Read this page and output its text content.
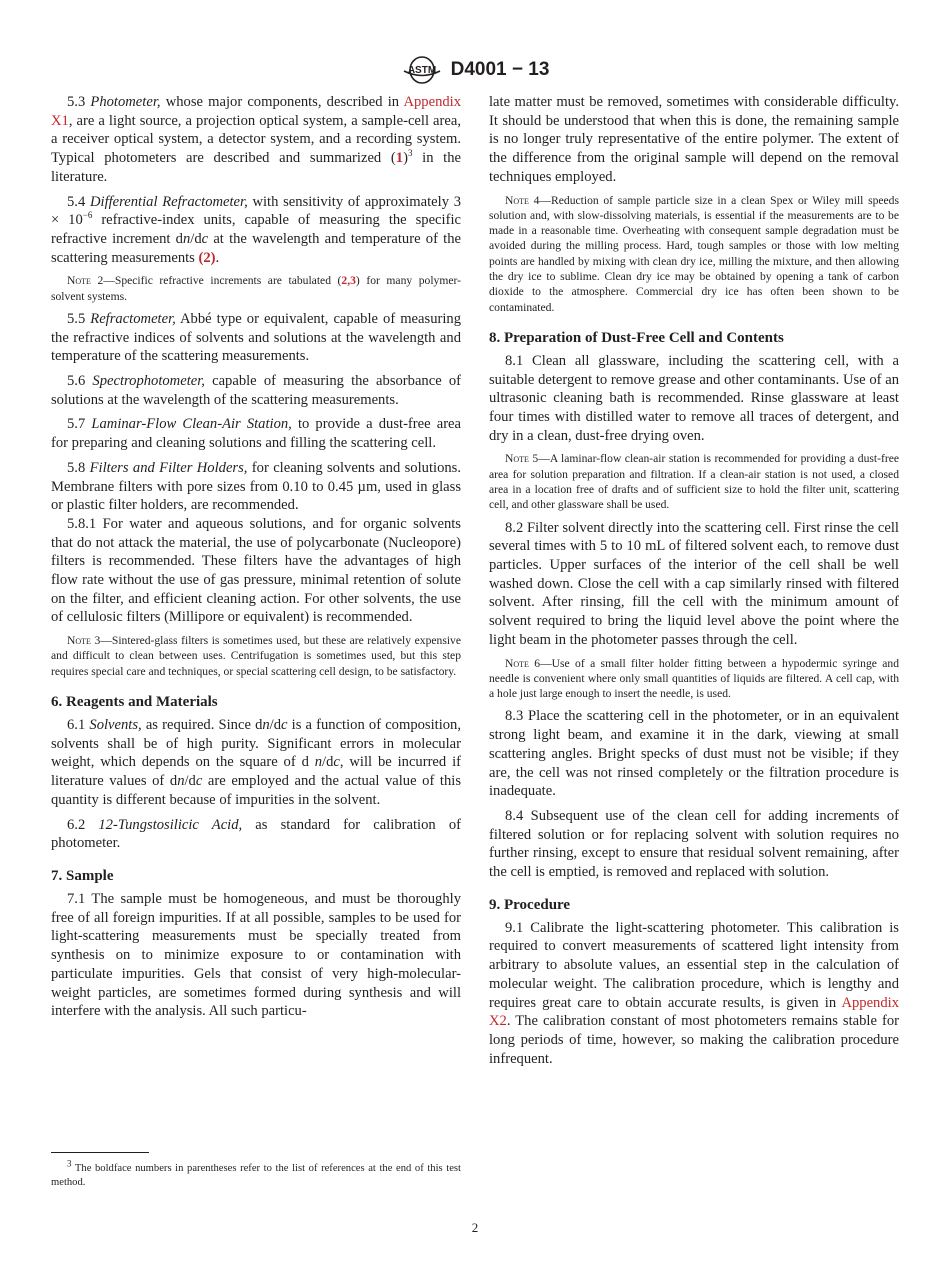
ASTM D4001 − 13

5.3 Photometer, whose major components, described in Appendix X1, are a light source, a projection optical system, a sample-cell area, a receiver optical system, a detector system, and a recording system. Typical photometers are described and summarized $(1)^3$ in the literature.

5.4 Differential Refractometer, with sensitivity of approximately $3 \times 10^{-6}$ refractive-index units, capable of measuring the specific refractive increment dn/dc at the wavelength and temperature of the scattering measurements (2).

Note 2—Specific refractive increments are tabulated (2,3) for many polymer-solvent systems.

5.5 Refractometer, Abbé type or equivalent, capable of measuring the refractive indices of solvents and solutions at the wavelength and temperature of the scattering measurements.

5.6 Spectrophotometer, capable of measuring the absorbance of solutions at the wavelength of the scattering measurements.

5.7 Laminar-Flow Clean-Air Station, to provide a dust-free area for preparing and cleaning solutions and filling the scattering cell.

5.8 Filters and Filter Holders, for cleaning solvents and solutions. Membrane filters with pore sizes from 0.10 to 0.45 µm, used in glass or plastic filter holders, are recommended.

5.8.1 For water and aqueous solutions, and for organic solvents that do not attack the material, the use of polycarbonate (Nucleopore) filters is recommended. These filters have the advantages of high flow rate without the use of gas pressure, minimal retention of solute on the filter, and efficient cleaning action. For other solvents, the use of cellulosic filters (Millipore or equivalent) is recommended.

Note 3—Sintered-glass filters is sometimes used, but these are relatively expensive and difficult to clean between uses. Centrifugation is sometimes used, but this step requires special care and techniques, or special scattering cell design, to be satisfactory.

6. Reagents and Materials

6.1 Solvents, as required. Since dn/dc is a function of composition, solvents shall be of high purity. Significant errors in molecular weight, which depends on the square of d n/dc, will be incurred if literature values of dn/dc are employed and the actual value of this quantity is different because of impurities in the solvent.

6.2 12-Tungstosilicic Acid, as standard for calibration of photometer.

7. Sample

7.1 The sample must be homogeneous, and must be thoroughly free of all foreign impurities. If at all possible, samples to be used for light-scattering measurements must be specially treated from synthesis on to minimize exposure to or contamination with particulate impurities. Gels that consist of very high-molecular-weight particles, are sometimes formed during synthesis and will interfere with the analysis. All such particu-

$^3$ The boldface numbers in parentheses refer to the list of references at the end of this test method.

late matter must be removed, sometimes with considerable difficulty. It should be understood that when this is done, the remaining sample is no longer truly representative of the entire polymer. The extent of the difference from the original sample will depend on the removal techniques employed.

Note 4—Reduction of sample particle size in a clean Spex or Wiley mill speeds solution and, with slow-dissolving materials, is essential if the measurements are to be made in a reasonable time. Overheating with consequent sample degradation must be avoided during the milling process. Hard, tough samples or those with low melting points are handled by mixing with clean dry ice, milling the mixture, and then allowing the dry ice to sublime. Clean dry ice may be obtained by opening a tank of carbon dioxide to the atmosphere. Commercial dry ice has often been shown to be contaminated.

8. Preparation of Dust-Free Cell and Contents

8.1 Clean all glassware, including the scattering cell, with a suitable detergent to remove grease and other contaminants. Use of an ultrasonic cleaning bath is recommended. Rinse glassware at least four times with distilled water to remove all traces of detergent, and dry in a clean, dust-free drying oven.

Note 5—A laminar-flow clean-air station is recommended for providing a dust-free area for solution preparation and filtration. If a clean-air station is not used, a closed area in a location free of drafts and of sufficient size to hold the filter unit, scattering cell, and other glassware shall be used.

8.2 Filter solvent directly into the scattering cell. First rinse the cell several times with 5 to 10 mL of filtered solvent each, to remove dust particles. Upper surfaces of the interior of the cell shall be well washed down. Close the cell with a cap similarly rinsed with filtered solvent. After rinsing, fill the cell with the minimum amount of solvent required to bring the liquid level above the point where the light beam in the photometer passes through the cell.

Note 6—Use of a small filter holder fitting between a hypodermic syringe and needle is convenient where only small quantities of liquids are filtered. A cell cap, with a hole just large enough to insert the needle, is used.

8.3 Place the scattering cell in the photometer, or in an equivalent strong light beam, and examine it in the dark, viewing at small scattering angles. Bright specks of dust must not be visible; if they are, the cell was not rinsed completely or the filtration procedure is inadequate.

8.4 Subsequent use of the clean cell for adding increments of filtered solution or for replacing solvent with solution requires no further rinsing, except to ensure that residual solvent remaining, after the cell is emptied, is removed and replaced with solution.

9. Procedure

9.1 Calibrate the light-scattering photometer. This calibration is required to convert measurements of scattered light intensity from arbitrary to absolute values, an essential step in the calculation of molecular weight. The calibration procedure, which is lengthy and requires great care to obtain accurate results, is given in Appendix X2. The calibration constant of most photometers remains stable for long periods of time, however, so making the calibration procedure infrequent.

2
